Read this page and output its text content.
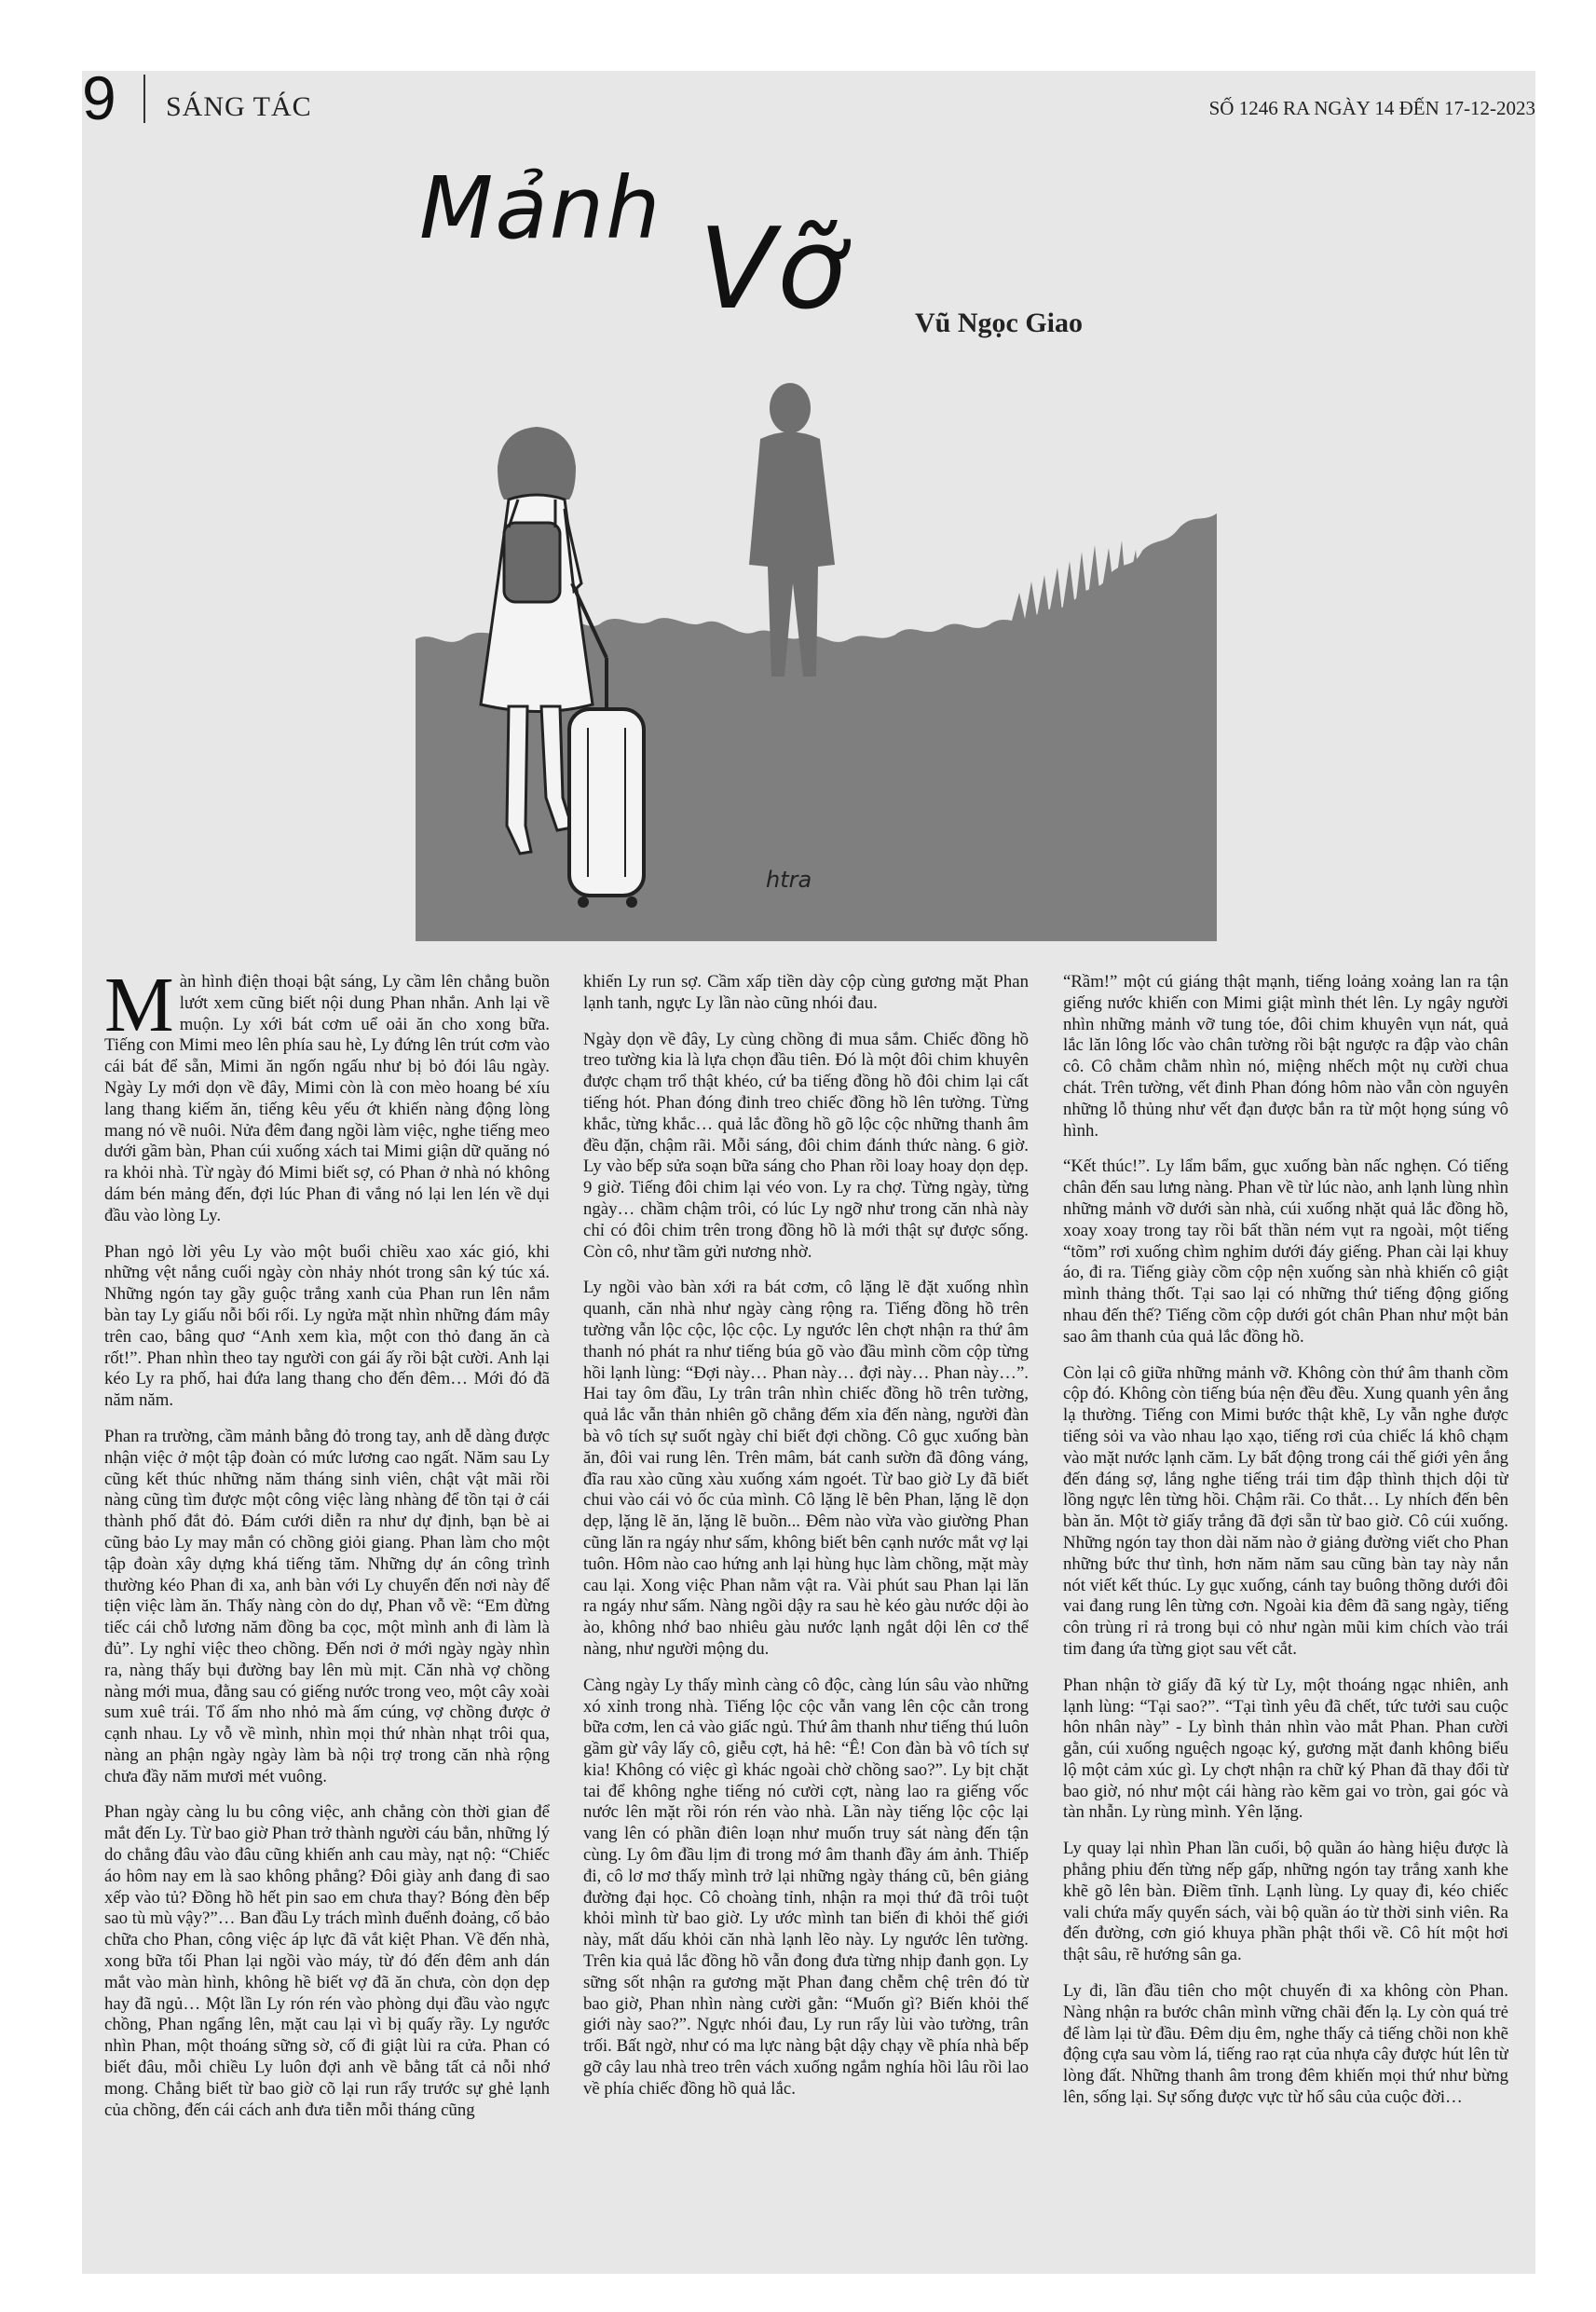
9 SÁNG TÁC	SỐ 1246 RA NGÀY 14 ĐẾN 17-12-2023
Mảnh Vỡ Vũ Ngọc Giao
htra

Màn hình điện thoại bật sáng, Ly cầm lên chẳng buồn lướt xem cũng biết nội dung Phan nhắn. Anh lại về muộn. Ly xới bát cơm uể oải ăn cho xong bữa. Tiếng con Mimi meo lên phía sau hè, Ly đứng lên trút cơm vào cái bát để sẵn, Mimi ăn ngốn ngấu như bị bỏ đói lâu ngày. Ngày Ly mới dọn về đây, Mimi còn là con mèo hoang bé xíu lang thang kiếm ăn, tiếng kêu yếu ớt khiến nàng động lòng mang nó về nuôi. Nửa đêm đang ngồi làm việc, nghe tiếng meo dưới gầm bàn, Phan cúi xuống xách tai Mimi giận dữ quăng nó ra khỏi nhà. Từ ngày đó Mimi biết sợ, có Phan ở nhà nó không dám bén mảng đến, đợi lúc Phan đi vắng nó lại len lén về dụi đầu vào lòng Ly.

Phan ngỏ lời yêu Ly vào một buổi chiều xao xác gió, khi những vệt nắng cuối ngày còn nhảy nhót trong sân ký túc xá. Những ngón tay gầy guộc trắng xanh của Phan run lên nắm bàn tay Ly giấu nỗi bối rối. Ly ngửa mặt nhìn những đám mây trên cao, bâng quơ “Anh xem kìa, một con thỏ đang ăn cà rốt!”. Phan nhìn theo tay người con gái ấy rồi bật cười. Anh lại kéo Ly ra phố, hai đứa lang thang cho đến đêm… Mới đó đã năm năm.

Phan ra trường, cầm mảnh bằng đỏ trong tay, anh dễ dàng được nhận việc ở một tập đoàn có mức lương cao ngất. Năm sau Ly cũng kết thúc những năm tháng sinh viên, chật vật mãi rồi nàng cũng tìm được một công việc làng nhàng để tồn tại ở cái thành phố đắt đỏ. Đám cưới diễn ra như dự định, bạn bè ai cũng bảo Ly may mắn có chồng giỏi giang. Phan làm cho một tập đoàn xây dựng khá tiếng tăm. Những dự án công trình thường kéo Phan đi xa, anh bàn với Ly chuyển đến nơi này để tiện việc làm ăn. Thấy nàng còn do dự, Phan vỗ về: “Em đừng tiếc cái chỗ lương năm đồng ba cọc, một mình anh đi làm là đủ”. Ly nghỉ việc theo chồng. Đến nơi ở mới ngày ngày nhìn ra, nàng thấy bụi đường bay lên mù mịt. Căn nhà vợ chồng nàng mới mua, đằng sau có giếng nước trong veo, một cây xoài sum xuê trái. Tổ ấm nho nhỏ mà ấm cúng, vợ chồng được ở cạnh nhau. Ly vỗ về mình, nhìn mọi thứ nhàn nhạt trôi qua, nàng an phận ngày ngày làm bà nội trợ trong căn nhà rộng chưa đầy năm mươi mét vuông.

Phan ngày càng lu bu công việc, anh chẳng còn thời gian để mắt đến Ly. Từ bao giờ Phan trở thành người cáu bẳn, những lý do chẳng đâu vào đâu cũng khiến anh cau mày, nạt nộ: “Chiếc áo hôm nay em là sao không phẳng? Đôi giày anh đang đi sao xếp vào tủ? Đồng hồ hết pin sao em chưa thay? Bóng đèn bếp sao tù mù vậy?”… Ban đầu Ly trách mình đuểnh đoảng, cố bảo chữa cho Phan, công việc áp lực đã vắt kiệt Phan. Về đến nhà, xong bữa tối Phan lại ngồi vào máy, từ đó đến đêm anh dán mắt vào màn hình, không hề biết vợ đã ăn chưa, còn dọn dẹp hay đã ngủ… Một lần Ly rón rén vào phòng dụi đầu vào ngực chồng, Phan ngẩng lên, mặt cau lại vì bị quấy rầy. Ly ngước nhìn Phan, một thoáng sững sờ, cố đi giật lùi ra cửa. Phan có biết đâu, mỗi chiều Ly luôn đợi anh về bằng tất cả nỗi nhớ mong. Chẳng biết từ bao giờ cõ lại run rẩy trước sự ghẻ lạnh của chồng, đến cái cách anh đưa tiễn mỗi tháng cũng

khiến Ly run sợ. Cầm xấp tiền dày cộp cùng gương mặt Phan lạnh tanh, ngực Ly lần nào cũng nhói đau.

Ngày dọn về đây, Ly cùng chồng đi mua sắm. Chiếc đồng hồ treo tường kia là lựa chọn đầu tiên. Đó là một đôi chim khuyên được chạm trổ thật khéo, cứ ba tiếng đồng hồ đôi chim lại cất tiếng hót. Phan đóng đinh treo chiếc đồng hồ lên tường. Từng khắc, từng khắc… quả lắc đồng hồ gõ lộc cộc những thanh âm đều đặn, chậm rãi. Mỗi sáng, đôi chim đánh thức nàng. 6 giờ. Ly vào bếp sửa soạn bữa sáng cho Phan rồi loay hoay dọn dẹp. 9 giờ. Tiếng đôi chim lại véo von. Ly ra chợ. Từng ngày, từng ngày… chầm chậm trôi, có lúc Ly ngỡ như trong căn nhà này chỉ có đôi chim trên trong đồng hồ là mới thật sự được sống. Còn cô, như tầm gửi nương nhờ.

Ly ngồi vào bàn xới ra bát cơm, cô lặng lẽ đặt xuống nhìn quanh, căn nhà như ngày càng rộng ra. Tiếng đồng hồ trên tường vẫn lộc cộc, lộc cộc. Ly ngước lên chợt nhận ra thứ âm thanh nó phát ra như tiếng búa gõ vào đầu mình cồm cộp từng hồi lạnh lùng: “Đợi này… Phan này… đợi này… Phan này…”. Hai tay ôm đầu, Ly trân trân nhìn chiếc đồng hồ trên tường, quả lắc vẫn thản nhiên gõ chẳng đếm xỉa đến nàng, người đàn bà vô tích sự suốt ngày chỉ biết đợi chồng. Cô gục xuống bàn ăn, đôi vai rung lên. Trên mâm, bát canh sườn đã đông váng, đĩa rau xào cũng xàu xuống xám ngoét. Từ bao giờ Ly đã biết chui vào cái vỏ ốc của mình. Cô lặng lẽ bên Phan, lặng lẽ dọn dẹp, lặng lẽ ăn, lặng lẽ buồn... Đêm nào vừa vào giường Phan cũng lăn ra ngáy như sấm, không biết bên cạnh nước mắt vợ lại tuôn. Hôm nào cao hứng anh lại hùng hục làm chồng, mặt mày cau lại. Xong việc Phan nằm vật ra. Vài phút sau Phan lại lăn ra ngáy như sấm. Nàng ngồi dậy ra sau hè kéo gàu nước dội ào ào, không nhớ bao nhiêu gàu nước lạnh ngắt dội lên cơ thể nàng, như người mộng du.

Càng ngày Ly thấy mình càng cô độc, càng lún sâu vào những xó xỉnh trong nhà. Tiếng lộc cộc vẫn vang lên cộc cằn trong bữa cơm, len cả vào giấc ngủ. Thứ âm thanh như tiếng thú luôn gầm gừ vây lấy cô, giễu cợt, hả hê: “Ê! Con đàn bà vô tích sự kia! Không có việc gì khác ngoài chờ chồng sao?”. Ly bịt chặt tai để không nghe tiếng nó cười cợt, nàng lao ra giếng vốc nước lên mặt rồi rón rén vào nhà. Lần này tiếng lộc cộc lại vang lên có phần điên loạn như muốn truy sát nàng đến tận cùng. Ly ôm đầu lịm đi trong mớ âm thanh đầy ám ảnh. Thiếp đi, cô lơ mơ thấy mình trở lại những ngày tháng cũ, bên giảng đường đại học. Cô choàng tỉnh, nhận ra mọi thứ đã trôi tuột khỏi mình từ bao giờ. Ly ước mình tan biến đi khỏi thế giới này, mất dấu khỏi căn nhà lạnh lẽo này. Ly ngước lên tường. Trên kia quả lắc đồng hồ vẫn đong đưa từng nhịp đanh gọn. Ly sững sốt nhận ra gương mặt Phan đang chễm chệ trên đó từ bao giờ, Phan nhìn nàng cười gằn: “Muốn gì? Biến khỏi thế giới này sao?”. Ngực nhói đau, Ly run rẩy lùi vào tường, trân trối. Bất ngờ, như có ma lực nàng bật dậy chạy về phía nhà bếp gỡ cây lau nhà treo trên vách xuống ngắm nghía hồi lâu rồi lao về phía chiếc đồng hồ quả lắc.

“Rầm!” một cú giáng thật mạnh, tiếng loảng xoảng lan ra tận giếng nước khiến con Mimi giật mình thét lên. Ly ngây người nhìn những mảnh vỡ tung tóe, đôi chim khuyên vụn nát, quả lắc lăn lông lốc vào chân tường rồi bật ngược ra đập vào chân cô. Cô chằm chằm nhìn nó, miệng nhếch một nụ cười chua chát. Trên tường, vết đinh Phan đóng hôm nào vẫn còn nguyên những lỗ thủng như vết đạn được bắn ra từ một họng súng vô hình.

“Kết thúc!”. Ly lẩm bẩm, gục xuống bàn nấc nghẹn. Có tiếng chân đến sau lưng nàng. Phan về từ lúc nào, anh lạnh lùng nhìn những mảnh vỡ dưới sàn nhà, cúi xuống nhặt quả lắc đồng hồ, xoay xoay trong tay rồi bất thần ném vụt ra ngoài, một tiếng “tõm” rơi xuống chìm nghỉm dưới đáy giếng. Phan cài lại khuy áo, đi ra. Tiếng giày cồm cộp nện xuống sàn nhà khiến cô giật mình thảng thốt. Tại sao lại có những thứ tiếng động giống nhau đến thế? Tiếng cồm cộp dưới gót chân Phan như một bản sao âm thanh của quả lắc đồng hồ.

Còn lại cô giữa những mảnh vỡ. Không còn thứ âm thanh cồm cộp đó. Không còn tiếng búa nện đều đều. Xung quanh yên ắng lạ thường. Tiếng con Mimi bước thật khẽ, Ly vẫn nghe được tiếng sỏi va vào nhau lạo xạo, tiếng rơi của chiếc lá khô chạm vào mặt nước lạnh căm. Ly bất động trong cái thế giới yên ắng đến đáng sợ, lắng nghe tiếng trái tim đập thình thịch dội từ lồng ngực lên từng hồi. Chậm rãi. Co thắt… Ly nhích đến bên bàn ăn. Một tờ giấy trắng đã đợi sẵn từ bao giờ. Cô cúi xuống. Những ngón tay thon dài năm nào ở giảng đường viết cho Phan những bức thư tình, hơn năm năm sau cũng bàn tay này nắn nót viết kết thúc. Ly gục xuống, cánh tay buông thõng dưới đôi vai đang rung lên từng cơn. Ngoài kia đêm đã sang ngày, tiếng côn trùng rỉ rả trong bụi cỏ như ngàn mũi kim chích vào trái tim đang ứa từng giọt sau vết cắt.

Phan nhận tờ giấy đã ký từ Ly, một thoáng ngạc nhiên, anh lạnh lùng: “Tại sao?”. “Tại tình yêu đã chết, tức tưởi sau cuộc hôn nhân này” - Ly bình thản nhìn vào mắt Phan. Phan cười gằn, cúi xuống nguệch ngoạc ký, gương mặt đanh không biểu lộ một cảm xúc gì. Ly chợt nhận ra chữ ký Phan đã thay đổi từ bao giờ, nó như một cái hàng rào kẽm gai vo tròn, gai góc và tàn nhẫn. Ly rùng mình. Yên lặng.

Ly quay lại nhìn Phan lần cuối, bộ quần áo hàng hiệu được là phẳng phiu đến từng nếp gấp, những ngón tay trắng xanh khe khẽ gõ lên bàn. Điềm tĩnh. Lạnh lùng. Ly quay đi, kéo chiếc vali chứa mấy quyển sách, vài bộ quần áo từ thời sinh viên. Ra đến đường, cơn gió khuya phần phật thổi về. Cô hít một hơi thật sâu, rẽ hướng sân ga.

Ly đi, lần đầu tiên cho một chuyến đi xa không còn Phan. Nàng nhận ra bước chân mình vững chãi đến lạ. Ly còn quá trẻ để làm lại từ đầu. Đêm dịu êm, nghe thấy cả tiếng chồi non khẽ động cựa sau vòm lá, tiếng rao rạt của nhựa cây được hút lên từ lòng đất. Những thanh âm trong đêm khiến mọi thứ như bừng lên, sống lại. Sự sống được vực từ hố sâu của cuộc đời…
